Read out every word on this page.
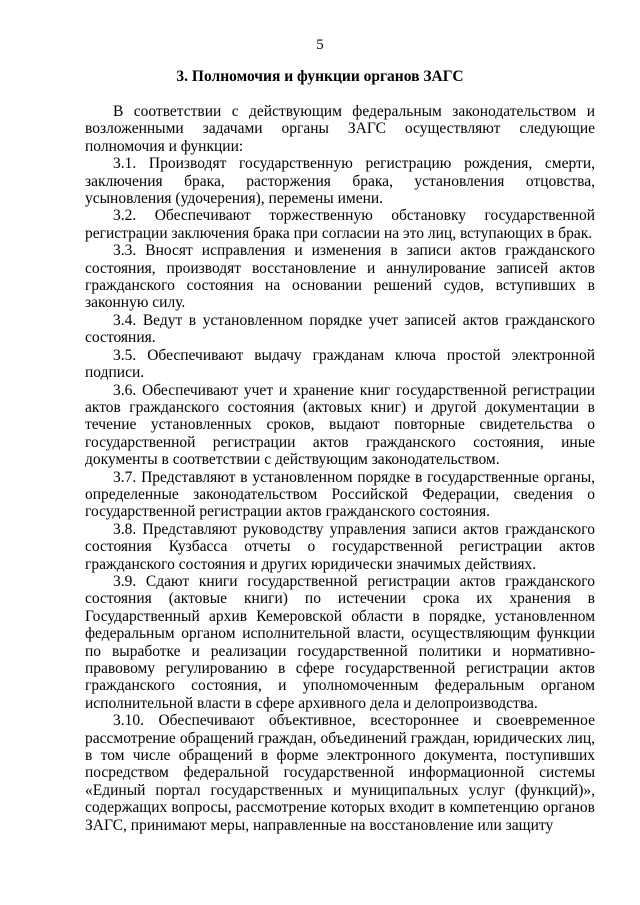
5
3. Полномочия и функции органов ЗАГС

В соответствии с действующим федеральным законодательством и возложенными задачами органы ЗАГС осуществляют следующие полномочия и функции:

3.1. Производят государственную регистрацию рождения, смерти, заключения брака, расторжения брака, установления отцовства, усыновления (удочерения), перемены имени.

3.2. Обеспечивают торжественную обстановку государственной регистрации заключения брака при согласии на это лиц, вступающих в брак.

3.3. Вносят исправления и изменения в записи актов гражданского состояния, производят восстановление и аннулирование записей актов гражданского состояния на основании решений судов, вступивших в законную силу.

3.4. Ведут в установленном порядке учет записей актов гражданского состояния.

3.5. Обеспечивают выдачу гражданам ключа простой электронной подписи.

3.6. Обеспечивают учет и хранение книг государственной регистрации актов гражданского состояния (актовых книг) и другой документации в течение установленных сроков, выдают повторные свидетельства о государственной регистрации актов гражданского состояния, иные документы в соответствии с действующим законодательством.

3.7. Представляют в установленном порядке в государственные органы, определенные законодательством Российской Федерации, сведения о государственной регистрации актов гражданского состояния.

3.8. Представляют руководству управления записи актов гражданского состояния Кузбасса отчеты о государственной регистрации актов гражданского состояния и других юридически значимых действиях.

3.9. Сдают книги государственной регистрации актов гражданского состояния (актовые книги) по истечении срока их хранения в Государственный архив Кемеровской области в порядке, установленном федеральным органом исполнительной власти, осуществляющим функции по выработке и реализации государственной политики и нормативно-правовому регулированию в сфере государственной регистрации актов гражданского состояния, и уполномоченным федеральным органом исполнительной власти в сфере архивного дела и делопроизводства.

3.10. Обеспечивают объективное, всестороннее и своевременное рассмотрение обращений граждан, объединений граждан, юридических лиц, в том числе обращений в форме электронного документа, поступивших посредством федеральной государственной информационной системы «Единый портал государственных и муниципальных услуг (функций)», содержащих вопросы, рассмотрение которых входит в компетенцию органов ЗАГС, принимают меры, направленные на восстановление или защиту
